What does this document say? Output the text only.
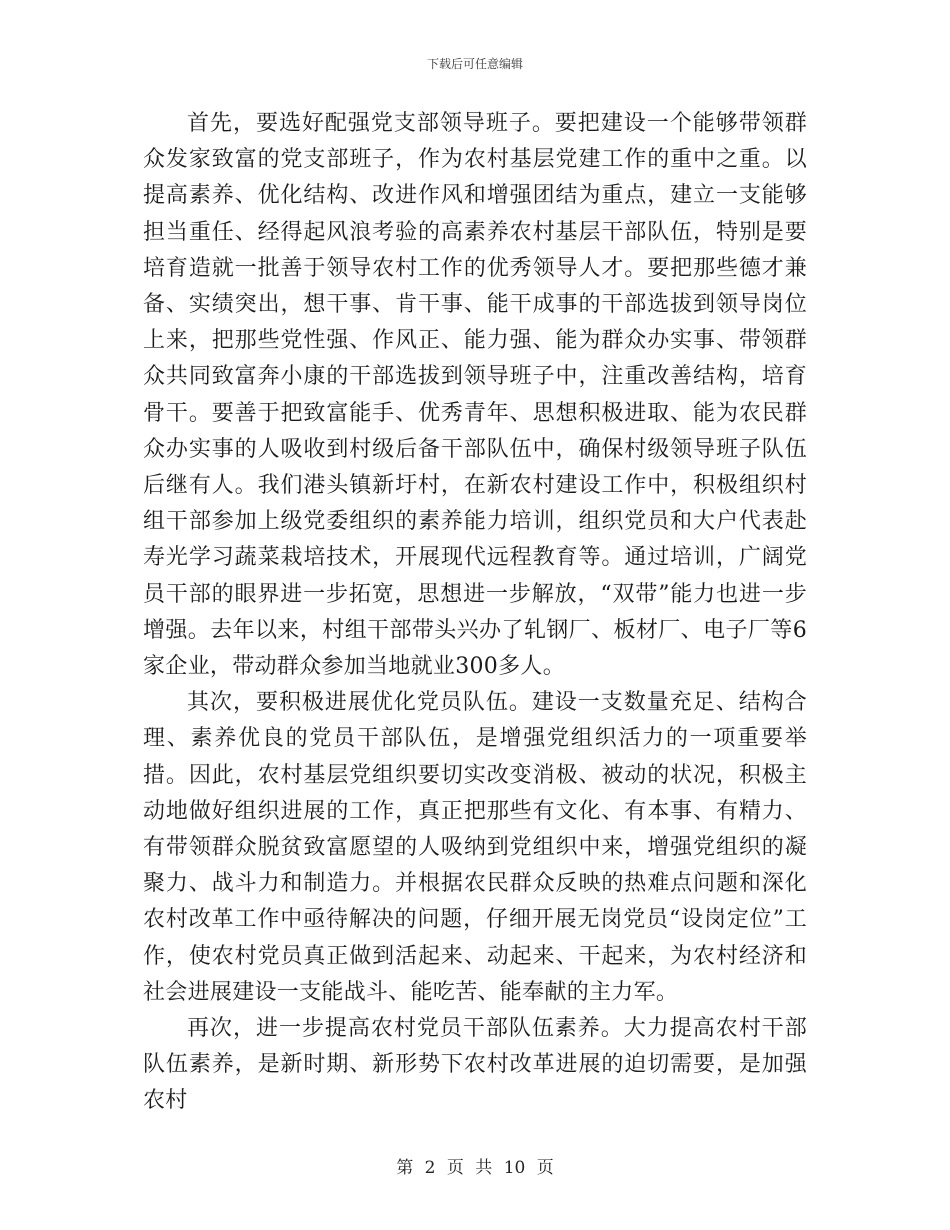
下载后可任意编辑

首先，要选好配强党支部领导班子。要把建设一个能够带领群众发家致富的党支部班子，作为农村基层党建工作的重中之重。以提高素养、优化结构、改进作风和增强团结为重点，建立一支能够担当重任、经得起风浪考验的高素养农村基层干部队伍，特别是要培育造就一批善于领导农村工作的优秀领导人才。要把那些德才兼备、实绩突出，想干事、肯干事、能干成事的干部选拔到领导岗位上来，把那些党性强、作风正、能力强、能为群众办实事、带领群众共同致富奔小康的干部选拔到领导班子中，注重改善结构，培育骨干。要善于把致富能手、优秀青年、思想积极进取、能为农民群众办实事的人吸收到村级后备干部队伍中，确保村级领导班子队伍后继有人。我们港头镇新圩村，在新农村建设工作中，积极组织村组干部参加上级党委组织的素养能力培训，组织党员和大户代表赴寿光学习蔬菜栽培技术，开展现代远程教育等。通过培训，广阔党员干部的眼界进一步拓宽，思想进一步解放，“双带”能力也进一步增强。去年以来，村组干部带头兴办了轧钢厂、板材厂、电子厂等6家企业，带动群众参加当地就业300多人。

其次，要积极进展优化党员队伍。建设一支数量充足、结构合理、素养优良的党员干部队伍，是增强党组织活力的一项重要举措。因此，农村基层党组织要切实改变消极、被动的状况，积极主动地做好组织进展的工作，真正把那些有文化、有本事、有精力、有带领群众脱贫致富愿望的人吸纳到党组织中来，增强党组织的凝聚力、战斗力和制造力。并根据农民群众反映的热难点问题和深化农村改革工作中亟待解决的问题，仔细开展无岗党员“设岗定位”工作，使农村党员真正做到活起来、动起来、干起来，为农村经济和社会进展建设一支能战斗、能吃苦、能奉献的主力军。

再次，进一步提高农村党员干部队伍素养。大力提高农村干部队伍素养，是新时期、新形势下农村改革进展的迫切需要，是加强农村

第 2 页 共 10 页
